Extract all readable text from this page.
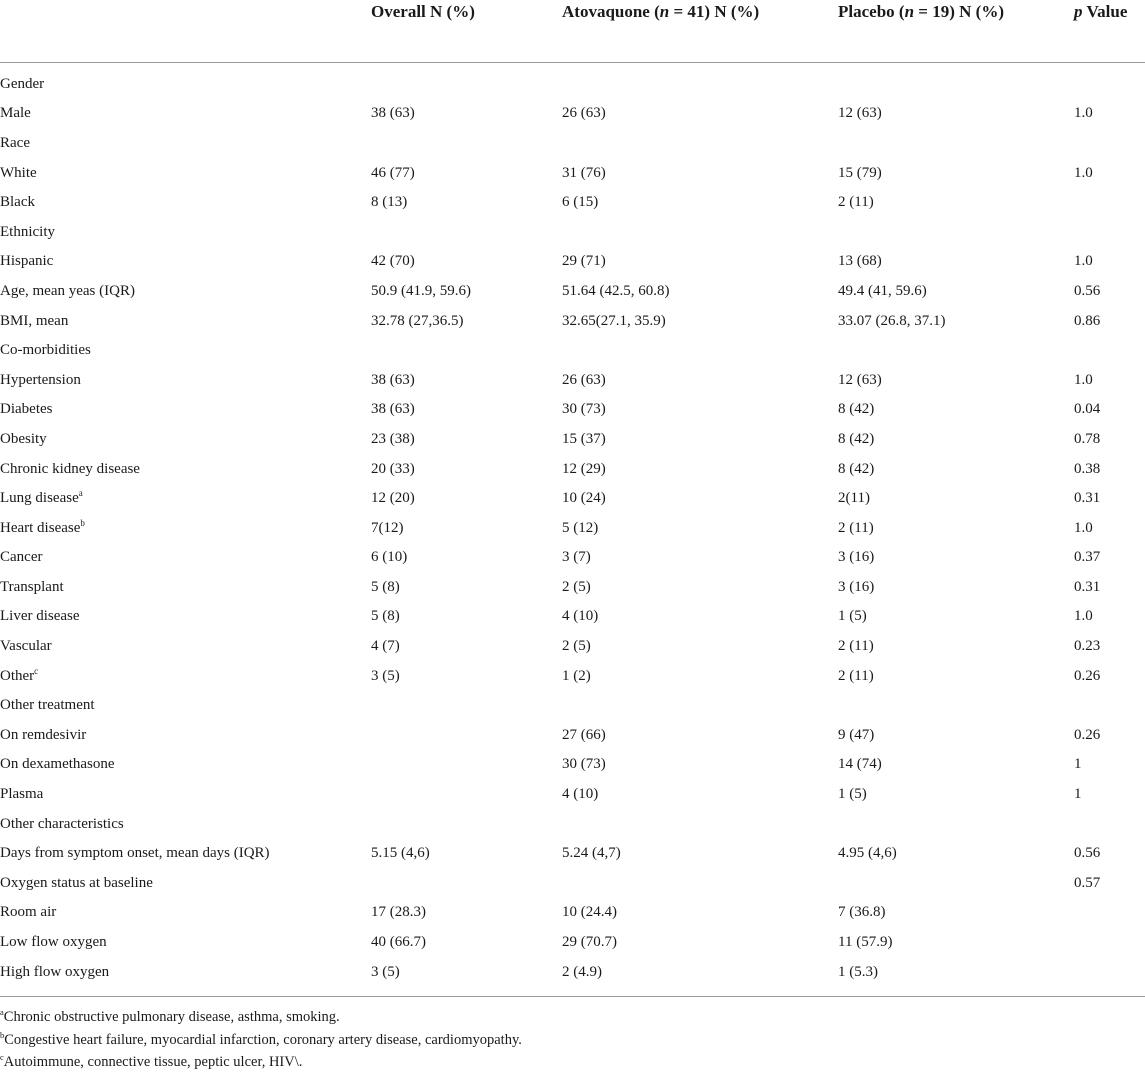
	Overall N (%)	Atovaquone (n = 41) N (%)	Placebo (n = 19) N (%)	p Value
Gender				
Male	38 (63)	26 (63)	12 (63)	1.0
Race				
White	46 (77)	31 (76)	15 (79)	1.0
Black	8 (13)	6 (15)	2 (11)	
Ethnicity				
Hispanic	42 (70)	29 (71)	13 (68)	1.0
Age, mean yeas (IQR)	50.9 (41.9, 59.6)	51.64 (42.5, 60.8)	49.4 (41, 59.6)	0.56
BMI, mean	32.78 (27,36.5)	32.65(27.1, 35.9)	33.07 (26.8, 37.1)	0.86
Co-morbidities				
Hypertension	38 (63)	26 (63)	12 (63)	1.0
Diabetes	38 (63)	30 (73)	8 (42)	0.04
Obesity	23 (38)	15 (37)	8 (42)	0.78
Chronic kidney disease	20 (33)	12 (29)	8 (42)	0.38
Lung disease$^a$	12 (20)	10 (24)	2(11)	0.31
Heart disease$^b$	7(12)	5 (12)	2 (11)	1.0
Cancer	6 (10)	3 (7)	3 (16)	0.37
Transplant	5 (8)	2 (5)	3 (16)	0.31
Liver disease	5 (8)	4 (10)	1 (5)	1.0
Vascular	4 (7)	2 (5)	2 (11)	0.23
Other$^c$	3 (5)	1 (2)	2 (11)	0.26
Other treatment				
On remdesivir		27 (66)	9 (47)	0.26
On dexamethasone		30 (73)	14 (74)	1
Plasma		4 (10)	1 (5)	1
Other characteristics				
Days from symptom onset, mean days (IQR)	5.15 (4,6)	5.24 (4,7)	4.95 (4,6)	0.56
Oxygen status at baseline				0.57
Room air	17 (28.3)	10 (24.4)	7 (36.8)	
Low flow oxygen	40 (66.7)	29 (70.7)	11 (57.9)	
High flow oxygen	3 (5)	2 (4.9)	1 (5.3)	
$^a$Chronic obstructive pulmonary disease, asthma, smoking.
$^b$Congestive heart failure, myocardial infarction, coronary artery disease, cardiomyopathy.
$^c$Autoimmune, connective tissue, peptic ulcer, HIV\.
